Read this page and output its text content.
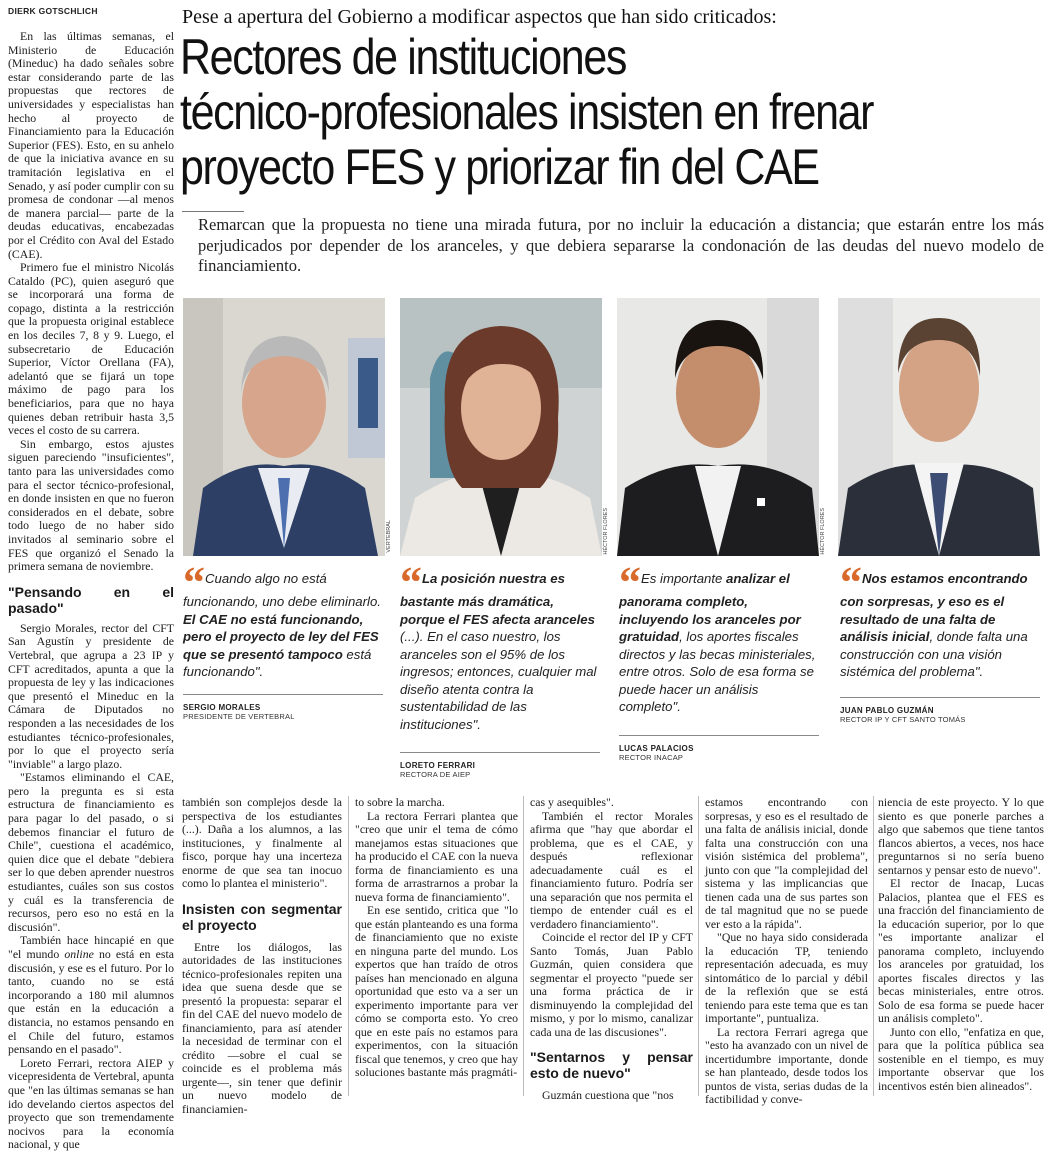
DIERK GOTSCHLICH	Pese a apertura del Gobierno a modificar aspectos que han sido criticados:
Rectores de instituciones
técnico-profesionales insisten en frenar
proyecto FES y priorizar fin del CAE
Remarcan que la propuesta no tiene una mirada futura, por no incluir la educación a distancia; que estarán entre los más perjudicados por depender de los aranceles, y que debiera separarse la condonación de las deudas del nuevo modelo de financiamiento.

En las últimas semanas, el Ministerio de Educación (Mineduc) ha dado señales sobre estar considerando parte de las propuestas que rectores de universidades y especialistas han hecho al proyecto de Financiamiento para la Educación Superior (FES). Esto, en su anhelo de que la iniciativa avance en su tramitación legislativa en el Senado, y así poder cumplir con su promesa de condonar —al menos de manera parcial— parte de la deudas educativas, encabezadas por el Crédito con Aval del Estado (CAE).

Primero fue el ministro Nicolás Cataldo (PC), quien aseguró que se incorporará una forma de copago, distinta a la restricción que la propuesta original establece en los deciles 7, 8 y 9. Luego, el subsecretario de Educación Superior, Víctor Orellana (FA), adelantó que se fijará un tope máximo de pago para los beneficiarios, para que no haya quienes deban retribuir hasta 3,5 veces el costo de su carrera.

Sin embargo, estos ajustes siguen pareciendo "insuficientes", tanto para las universidades como para el sector técnico-profesional, en donde insisten en que no fueron considerados en el debate, sobre todo luego de no haber sido invitados al seminario sobre el FES que organizó el Senado la primera semana de noviembre.

"Pensando en el pasado"

Sergio Morales, rector del CFT San Agustín y presidente de Vertebral, que agrupa a 23 IP y CFT acreditados, apunta a que la propuesta de ley y las indicaciones que presentó el Mineduc en la Cámara de Diputados no responden a las necesidades de los estudiantes técnico-profesionales, por lo que el proyecto sería "inviable" a largo plazo.

"Estamos eliminando el CAE, pero la pregunta es si esta estructura de financiamiento es para pagar lo del pasado, o si debemos financiar el futuro de Chile", cuestiona el académico, quien dice que el debate "debiera ser lo que deben aprender nuestros estudiantes, cuáles son sus costos y cuál es la transferencia de recursos, pero eso no está en la discusión".

También hace hincapié en que "el mundo online no está en esta discusión, y ese es el futuro. Por lo tanto, cuando no se está incorporando a 180 mil alumnos que están en la educación a distancia, no estamos pensando en el Chile del futuro, estamos pensando en el pasado".

Loreto Ferrari, rectora AIEP y vicepresidenta de Vertebral, apunta que "en las últimas semanas se han ido develando ciertos aspectos del proyecto que son tremendamente nocivos para la economía nacional, y que

VERTEBRAL	HÉCTOR FLORES	HÉCTOR FLORES
“ Cuando algo no está funcionando, uno debe eliminarlo. El CAE no está funcionando, pero el proyecto de ley del FES que se presentó tampoco está funcionando".
SERGIO MORALES
PRESIDENTE DE VERTEBRAL
“ La posición nuestra es bastante más dramática, porque el FES afecta aranceles (...). En el caso nuestro, los aranceles son el 95% de los ingresos; entonces, cualquier mal diseño atenta contra la sustentabilidad de las instituciones".
LORETO FERRARI
RECTORA DE AIEP
“ Es importante analizar el panorama completo, incluyendo los aranceles por gratuidad, los aportes fiscales directos y las becas ministeriales, entre otros. Solo de esa forma se puede hacer un análisis completo".
LUCAS PALACIOS
RECTOR INACAP
“ Nos estamos encontrando con sorpresas, y eso es el resultado de una falta de análisis inicial, donde falta una construcción con una visión sistémica del problema".
JUAN PABLO GUZMÁN
RECTOR IP Y CFT SANTO TOMÁS

también son complejos desde la perspectiva de los estudiantes (...). Daña a los alumnos, a las instituciones, y finalmente al fisco, porque hay una incerteza enorme de que sea tan inocuo como lo plantea el ministerio".

Insisten con segmentar el proyecto

Entre los diálogos, las autoridades de las instituciones técnico-profesionales repiten una idea que suena desde que se presentó la propuesta: separar el fin del CAE del nuevo modelo de financiamiento, para así atender la necesidad de terminar con el crédito —sobre el cual se coincide es el problema más urgente—, sin tener que definir un nuevo modelo de financiamien-

to sobre la marcha.

La rectora Ferrari plantea que "creo que unir el tema de cómo manejamos estas situaciones que ha producido el CAE con la nueva forma de financiamiento es una forma de arrastrarnos a probar la nueva forma de financiamiento".

En ese sentido, critica que "lo que están planteando es una forma de financiamiento que no existe en ninguna parte del mundo. Los expertos que han traído de otros países han mencionado en alguna oportunidad que esto va a ser un experimento importante para ver cómo se comporta esto. Yo creo que en este país no estamos para experimentos, con la situación fiscal que tenemos, y creo que hay soluciones bastante más pragmáti-

cas y asequibles".

También el rector Morales afirma que "hay que abordar el problema, que es el CAE, y después reflexionar adecuadamente cuál es el financiamiento futuro. Podría ser una separación que nos permita el tiempo de entender cuál es el verdadero financiamiento".

Coincide el rector del IP y CFT Santo Tomás, Juan Pablo Guzmán, quien considera que segmentar el proyecto "puede ser una forma práctica de ir disminuyendo la complejidad del mismo, y por lo mismo, canalizar cada una de las discusiones".

"Sentarnos y pensar esto de nuevo"

Guzmán cuestiona que "nos

estamos encontrando con sorpresas, y eso es el resultado de una falta de análisis inicial, donde falta una construcción con una visión sistémica del problema", junto con que "la complejidad del sistema y las implicancias que tienen cada una de sus partes son de tal magnitud que no se puede ver esto a la rápida".

"Que no haya sido considerada la educación TP, teniendo representación adecuada, es muy sintomático de lo parcial y débil de la reflexión que se está teniendo para este tema que es tan importante", puntualiza.

La rectora Ferrari agrega que "esto ha avanzado con un nivel de incertidumbre importante, donde se han planteado, desde todos los puntos de vista, serias dudas de la factibilidad y conve-

niencia de este proyecto. Y lo que siento es que ponerle parches a algo que sabemos que tiene tantos flancos abiertos, a veces, nos hace preguntarnos si no sería bueno sentarnos y pensar esto de nuevo".

El rector de Inacap, Lucas Palacios, plantea que el FES es una fracción del financiamiento de la educación superior, por lo que "es importante analizar el panorama completo, incluyendo los aranceles por gratuidad, los aportes fiscales directos y las becas ministeriales, entre otros. Solo de esa forma se puede hacer un análisis completo".

Junto con ello, "enfatiza en que, para que la política pública sea sostenible en el tiempo, es muy importante observar que los incentivos estén bien alineados".
